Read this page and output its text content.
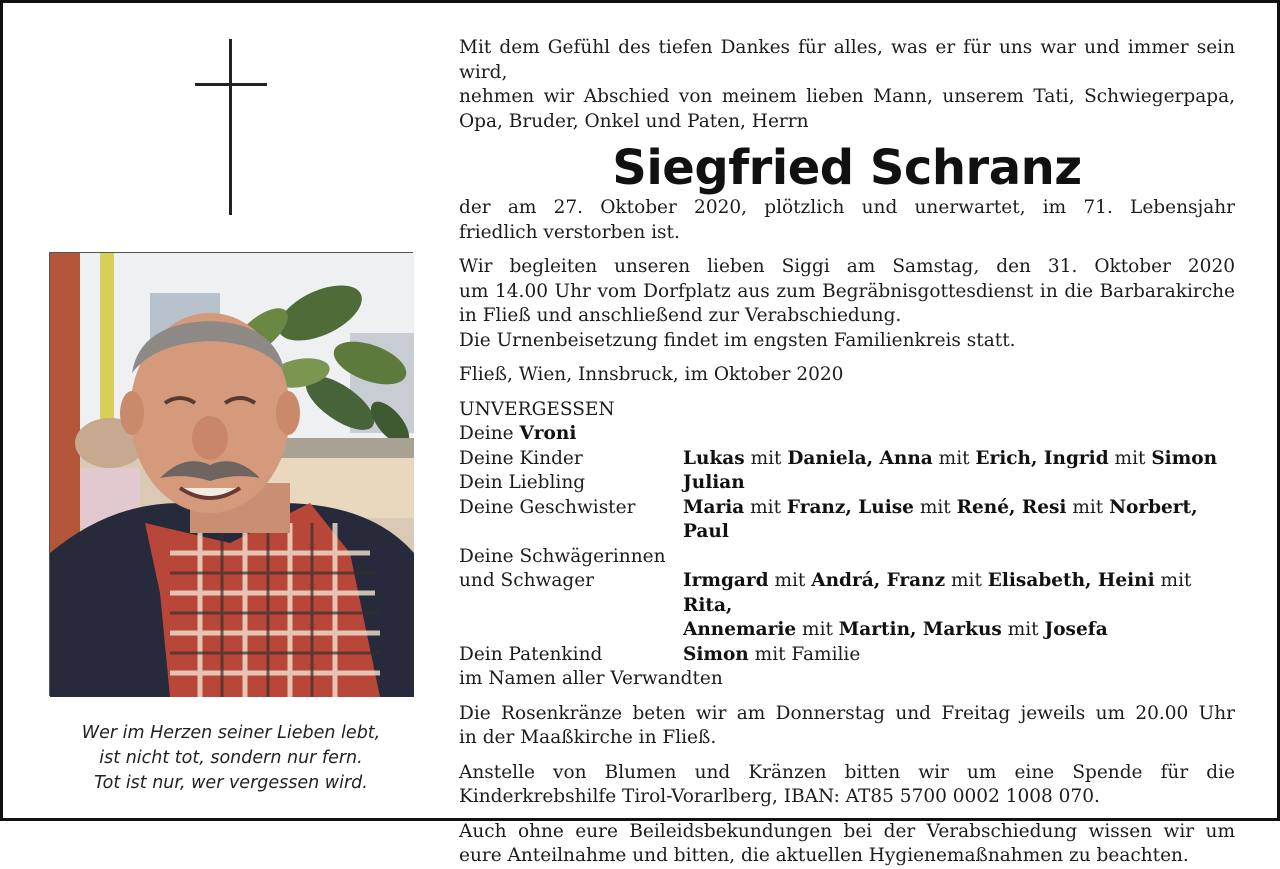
Wer im Herzen seiner Lieben lebt,
ist nicht tot, sondern nur fern.
Tot ist nur, wer vergessen wird.

Mit dem Gefühl des tiefen Dankes für alles, was er für uns war und immer sein wird,

nehmen wir Abschied von meinem lieben Mann, unserem Tati, Schwiegerpapa,

Opa, Bruder, Onkel und Paten, Herrn

Siegfried Schranz

der am 27. Oktober 2020, plötzlich und unerwartet, im 71. Lebensjahr

friedlich verstorben ist.

Wir begleiten unseren lieben Siggi am Samstag, den 31. Oktober 2020

um 14.00 Uhr vom Dorfplatz aus zum Begräbnisgottesdienst in die Barbarakirche

in Fließ und anschließend zur Verabschiedung.

Die Urnenbeisetzung findet im engsten Familienkreis statt.

Fließ, Wien, Innsbruck, im Oktober 2020

UNVERGESSEN

Deine Vroni

Deine Kinder	Lukas mit Daniela, Anna mit Erich, Ingrid mit Simon
Dein Liebling	Julian
Deine Geschwister	Maria mit Franz, Luise mit René, Resi mit Norbert, Paul
Deine Schwägerinnen
und Schwager	Irmgard mit Andrá, Franz mit Elisabeth, Heini mit Rita,
Annemarie mit Martin, Markus mit Josefa
Dein Patenkind	Simon mit Familie

im Namen aller Verwandten

Die Rosenkränze beten wir am Donnerstag und Freitag jeweils um 20.00 Uhr

in der Maaßkirche in Fließ.

Anstelle von Blumen und Kränzen bitten wir um eine Spende für die

Kinderkrebshilfe Tirol-Vorarlberg, IBAN: AT85 5700 0002 1008 070.

Auch ohne eure Beileidsbekundungen bei der Verabschiedung wissen wir um

eure Anteilnahme und bitten, die aktuellen Hygienemaßnahmen zu beachten.
